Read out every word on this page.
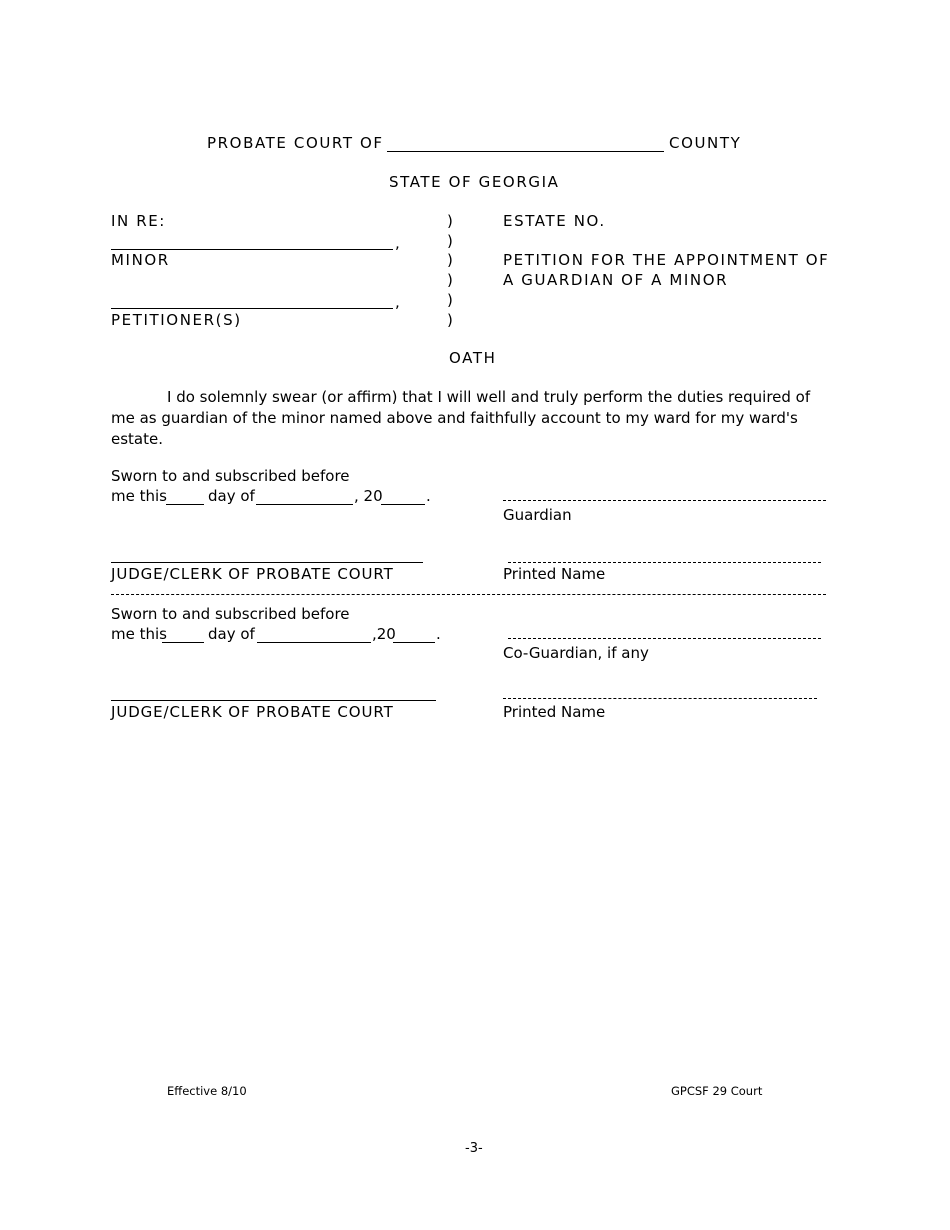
PROBATE COURT OF	COUNTY
STATE OF GEORGIA
IN RE:
,
MINOR
,
PETITIONER(S)
)
)
)
)
)
)
ESTATE NO.
PETITION FOR THE APPOINTMENT OF
A GUARDIAN OF A MINOR
OATH
I do solemnly swear (or affirm) that I will well and truly perform the duties required of me as guardian of the minor named above and faithfully account to my ward for my ward's estate.
Sworn to and subscribed before
me this	day of	, 20	.
Guardian
JUDGE/CLERK OF PROBATE COURT	Printed Name
Sworn to and subscribed before
me this	day of	,20	.
Co-Guardian, if any
JUDGE/CLERK OF PROBATE COURT	Printed Name
Effective 8/10	GPCSF 29 Court
-3-
